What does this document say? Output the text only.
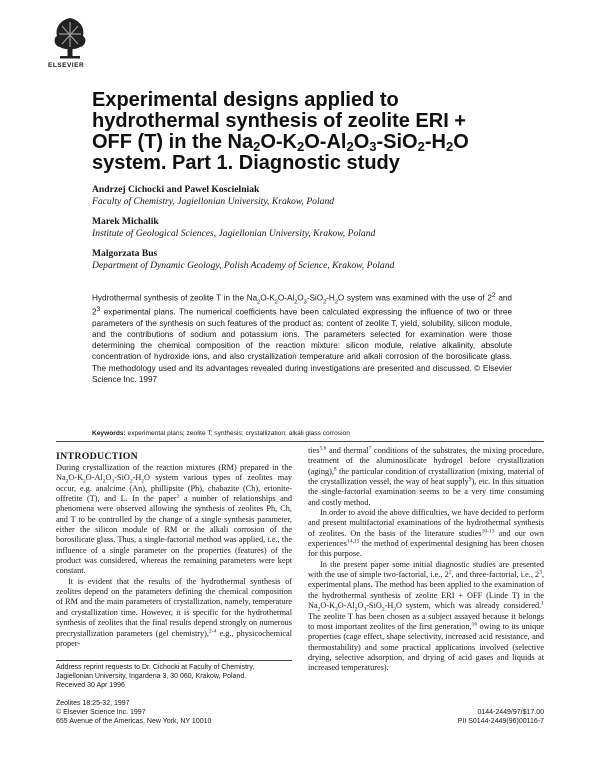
ELSEVIER
Experimental designs applied to
hydrothermal synthesis of zeolite ERI +
OFF (T) in the $Na_2O-K_2O-Al_2O_3-SiO_2-H_2O$
system. Part 1. Diagnostic study
Andrzej Cichocki and Pawel Koscielniak
Faculty of Chemistry, Jagiellonian University, Krakow, Poland
Marek Michalik
Institute of Geological Sciences, Jagiellonian University, Krakow, Poland
Malgorzata Bus
Department of Dynamic Geology, Polish Academy of Science, Krakow, Poland

Hydrothermal synthesis of zeolite T in the $Na_2O-K_2O-Al_2O_3-SiO_2-H_2O$ system was examined with the use of $2^2$ and $2^3$ experimental plans. The numerical coefficients have been calculated expressing the influence of two or three parameters of the synthesis on such features of the product as: content of zeolite T, yield, solubility, silicon module, and the contributions of sodium and potassium ions. The parameters selected for examination were those determining the chemical composition of the reaction mixture: silicon module, relative alkalinity, absolute concentration of hydroxide ions, and also crystallization temperature and alkali corrosion of the borosilicate glass. The methodology used and its advantages revealed during investigations are presented and discussed. © Elsevier Science Inc. 1997

Keywords: experimental plans; zeolite T; synthesis; crystallization; alkali glass corrosion
INTRODUCTION

During crystallization of the reaction mixtures (RM) prepared in the $Na_2O-K_2O-Al_2O_3-SiO_2-H_2O$ system various types of zeolites may occur, e.g. analcime (An), phillipsite (Ph), chabazite (Ch), erionite-offretite (T), and L. In the paper$^1$ a number of relationships and phenomena were observed allowing the synthesis of zeolites Ph, Ch, and T to be controlled by the change of a single synthesis parameter, either the silicon module of RM or the alkali corrosion of the borosilicate glass. Thus, a single-factorial method was applied, i.e., the influence of a single parameter on the properties (features) of the product was considered, whereas the remaining parameters were kept constant.

It is evident that the results of the hydrothermal synthesis of zeolites depend on the parameters defining the chemical composition of RM and the main parameters of crystallization, namely, temperature and crystallization time. However, it is specific for the hydrothermal synthesis of zeolites that the final results depend strongly on numerous precrystallization parameters (gel chemistry),$^{2-4}$ e.g., physicochemical proper-

ties$^{5,6}$ and thermal$^7$ conditions of the substrates, the mixing procedure, treatment of the aluminosilicate hydrogel before crystallization (aging),$^8$ the particular condition of crystallization (mixing, material of the crystallization vessel, the way of heat supply$^9$), etc. In this situation the single-factorial examination seems to be a very time consuming and costly method.

In order to avoid the above difficulties, we have decided to perform and present multifactorial examinations of the hydrothermal synthesis of zeolites. On the basis of the literature studies$^{10-13}$ and our own experiences$^{14,15}$ the method of experimental designing has been chosen for this purpose.

In the present paper some initial diagnostic studies are presented with the use of simple two-factorial, i.e., $2^2$, and three-factorial, i.e., $2^3$, experimental plans. The method has been applied to the examination of the hydrothermal synthesis of zeolite ERI + OFF (Linde T) in the $Na_2O-K_2O-Al_2O_3-SiO_2-H_2O$ system, which was already considered.$^1$ The zeolite T has been chosen as a subject assayed because it belongs to most important zeolites of the first generation,$^{16}$ owing to its unique properties (cage effect, shape selectivity, increased acid resistance, and thermostability) and some practical applications involved (selective drying, selective adsorption, and drying of acid gases and liquids at increased temperatures).

Address reprint requests to Dr. Cichocki at Faculty of Chemistry, Jagiellonian University, Ingardena 3, 30 060, Krakow, Poland.
Received 30 Apr 1996
Zeolites 18:25-32, 1997
© Elsevier Science Inc. 1997
655 Avenue of the Americas, New York, NY 10010
0144-2449/97/$17.00
PII S0144-2449(96)00116-7
